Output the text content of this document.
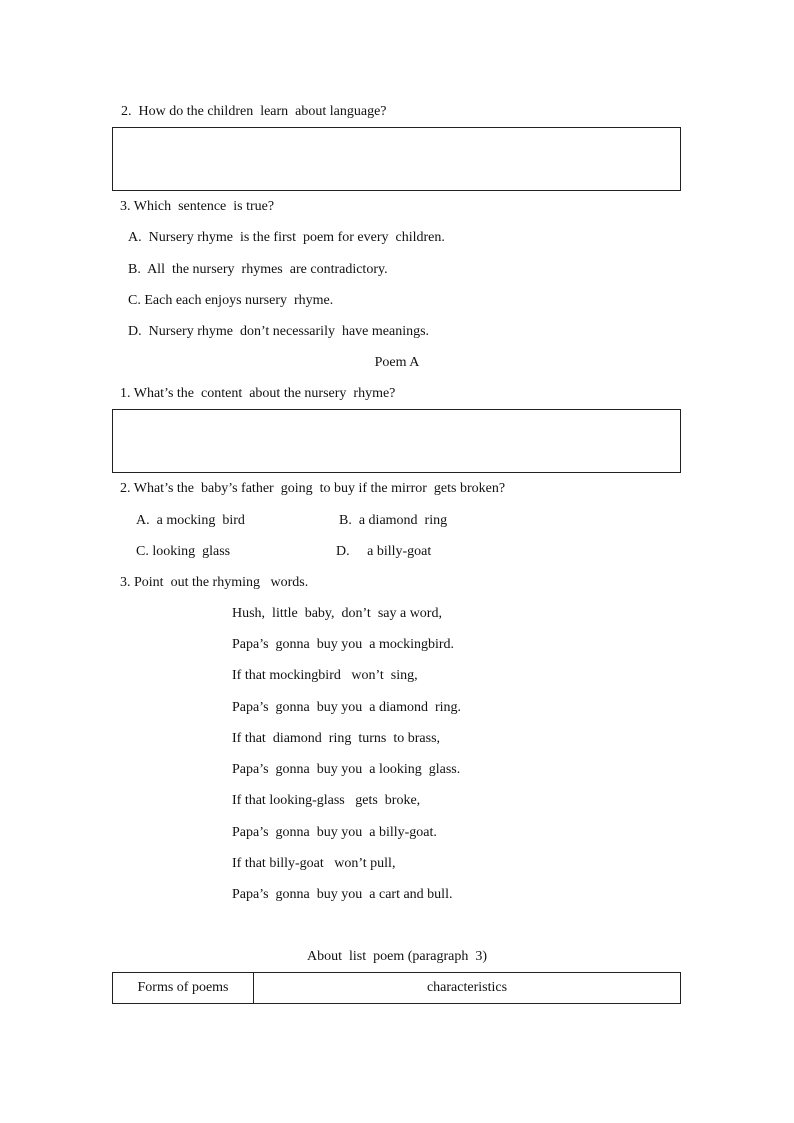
2.  How do the children  learn  about language?
3. Which  sentence  is true?
A.  Nursery rhyme  is the first  poem for every  children.
B.  All  the nursery  rhymes  are contradictory.
C. Each each enjoys nursery  rhyme.
D.  Nursery rhyme  don’t necessarily  have meanings.
Poem A
1. What’s the  content  about the nursery  rhyme?
2. What’s the  baby’s father  going  to buy if the mirror  gets broken?
A.  a mocking  bird	B.  a diamond  ring
C. looking  glass	D.     a billy-goat
3. Point  out the rhyming   words.
Hush,  little  baby,  don’t  say a word,
Papa’s  gonna  buy you  a mockingbird.
If that mockingbird   won’t  sing,
Papa’s  gonna  buy you  a diamond  ring.
If that  diamond  ring  turns  to brass,
Papa’s  gonna  buy you  a looking  glass.
If that looking-glass   gets  broke,
Papa’s  gonna  buy you  a billy-goat.
If that billy-goat   won’t pull,
Papa’s  gonna  buy you  a cart and bull.
About  list  poem (paragraph  3)
Forms of poems	characteristics
